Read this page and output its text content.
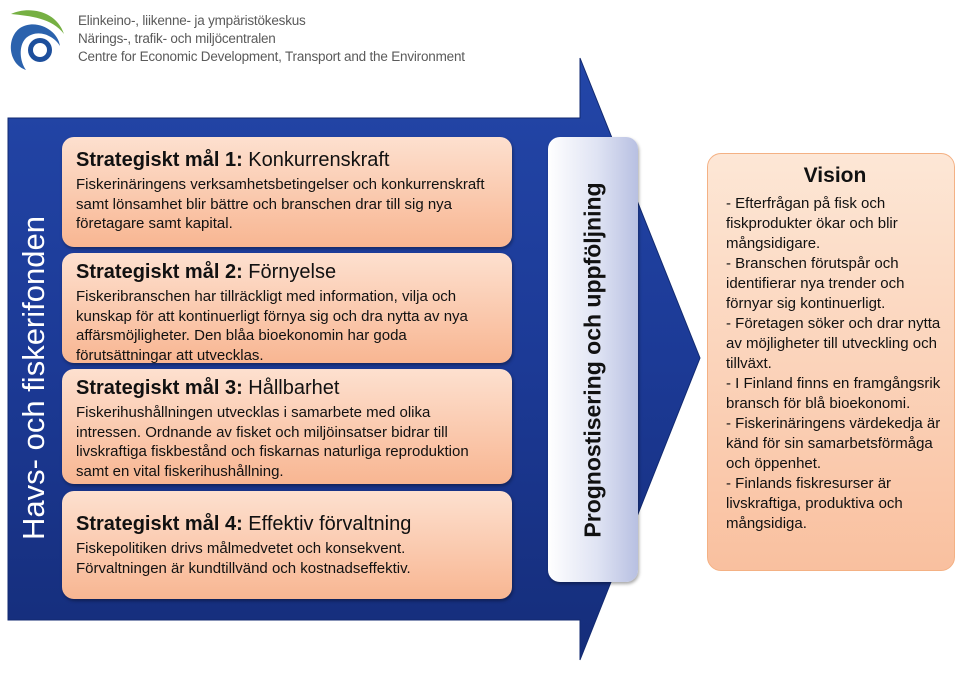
Elinkeino-, liikenne- ja ympäristökeskus
Närings-, trafik- och miljöcentralen
Centre for Economic Development, Transport and the Environment
Havs- och fiskerifonden
Strategiskt mål 1: Konkurrenskraft
Fiskerinäringens verksamhetsbetingelser och konkurrenskraft samt lönsamhet blir bättre och branschen drar till sig nya företagare samt kapital.
Strategiskt mål 2: Förnyelse
Fiskeribranschen har tillräckligt med information, vilja och kunskap för att kontinuerligt förnya sig och dra nytta av nya affärsmöjligheter. Den blåa bioekonomin har goda förutsättningar att utvecklas.
Strategiskt mål 3: Hållbarhet
Fiskerihushållningen utvecklas i samarbete med olika intressen. Ordnande av fisket och miljöinsatser bidrar till livskraftiga fiskbestånd och fiskarnas naturliga reproduktion samt en vital fiskerihushållning.
Strategiskt mål 4: Effektiv förvaltning
Fiskepolitiken drivs målmedvetet och konsekvent. Förvaltningen är kundtillvänd och kostnadseffektiv.
Prognostisering och uppföljning
Vision
- Efterfrågan på fisk och fiskprodukter ökar och blir mångsidigare.
- Branschen förutspår och identifierar nya trender och förnyar sig kontinuerligt.
- Företagen söker och drar nytta av möjligheter till utveckling och tillväxt.
- I Finland finns en framgångsrik bransch för blå bioekonomi.
- Fiskerinäringens värdekedja är känd för sin samarbetsförmåga och öppenhet.
- Finlands fiskresurser är livskraftiga, produktiva och mångsidiga.
